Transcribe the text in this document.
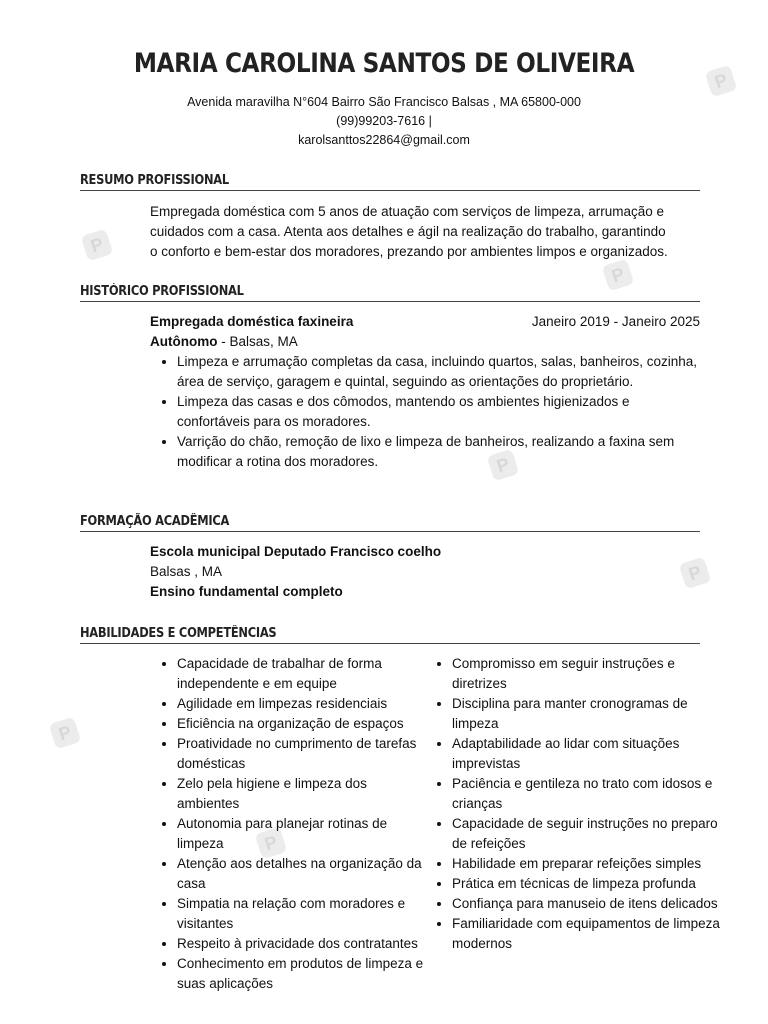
P
P
P
P
P
P
P
MARIA CAROLINA SANTOS DE OLIVEIRA
Avenida maravilha N°604 Bairro São Francisco Balsas , MA 65800-000
(99)99203-7616 |
karolsanttos22864@gmail.com
RESUMO PROFISSIONAL
Empregada doméstica com 5 anos de atuação com serviços de limpeza, arrumação e
cuidados com a casa. Atenta aos detalhes e ágil na realização do trabalho, garantindo
o conforto e bem-estar dos moradores, prezando por ambientes limpos e organizados.
HISTÓRICO PROFISSIONAL
Empregada doméstica faxineira	Janeiro 2019 - Janeiro 2025
Autônomo - Balsas, MA
• Limpeza e arrumação completas da casa, incluindo quartos, salas, banheiros, cozinha, área de serviço, garagem e quintal, seguindo as orientações do proprietário.
• Limpeza das casas e dos cômodos, mantendo os ambientes higienizados e confortáveis para os moradores.
• Varrição do chão, remoção de lixo e limpeza de banheiros, realizando a faxina sem modificar a rotina dos moradores.
FORMAÇÃO ACADÊMICA
Escola municipal Deputado Francisco coelho
Balsas , MA
Ensino fundamental completo
HABILIDADES E COMPETÊNCIAS
• Capacidade de trabalhar de forma independente e em equipe
• Agilidade em limpezas residenciais
• Eficiência na organização de espaços
• Proatividade no cumprimento de tarefas domésticas
• Zelo pela higiene e limpeza dos ambientes
• Autonomia para planejar rotinas de limpeza
• Atenção aos detalhes na organização da casa
• Simpatia na relação com moradores e visitantes
• Respeito à privacidade dos contratantes
• Conhecimento em produtos de limpeza e suas aplicações
• Compromisso em seguir instruções e diretrizes
• Disciplina para manter cronogramas de limpeza
• Adaptabilidade ao lidar com situações imprevistas
• Paciência e gentileza no trato com idosos e crianças
• Capacidade de seguir instruções no preparo de refeições
• Habilidade em preparar refeições simples
• Prática em técnicas de limpeza profunda
• Confiança para manuseio de itens delicados
• Familiaridade com equipamentos de limpeza modernos
